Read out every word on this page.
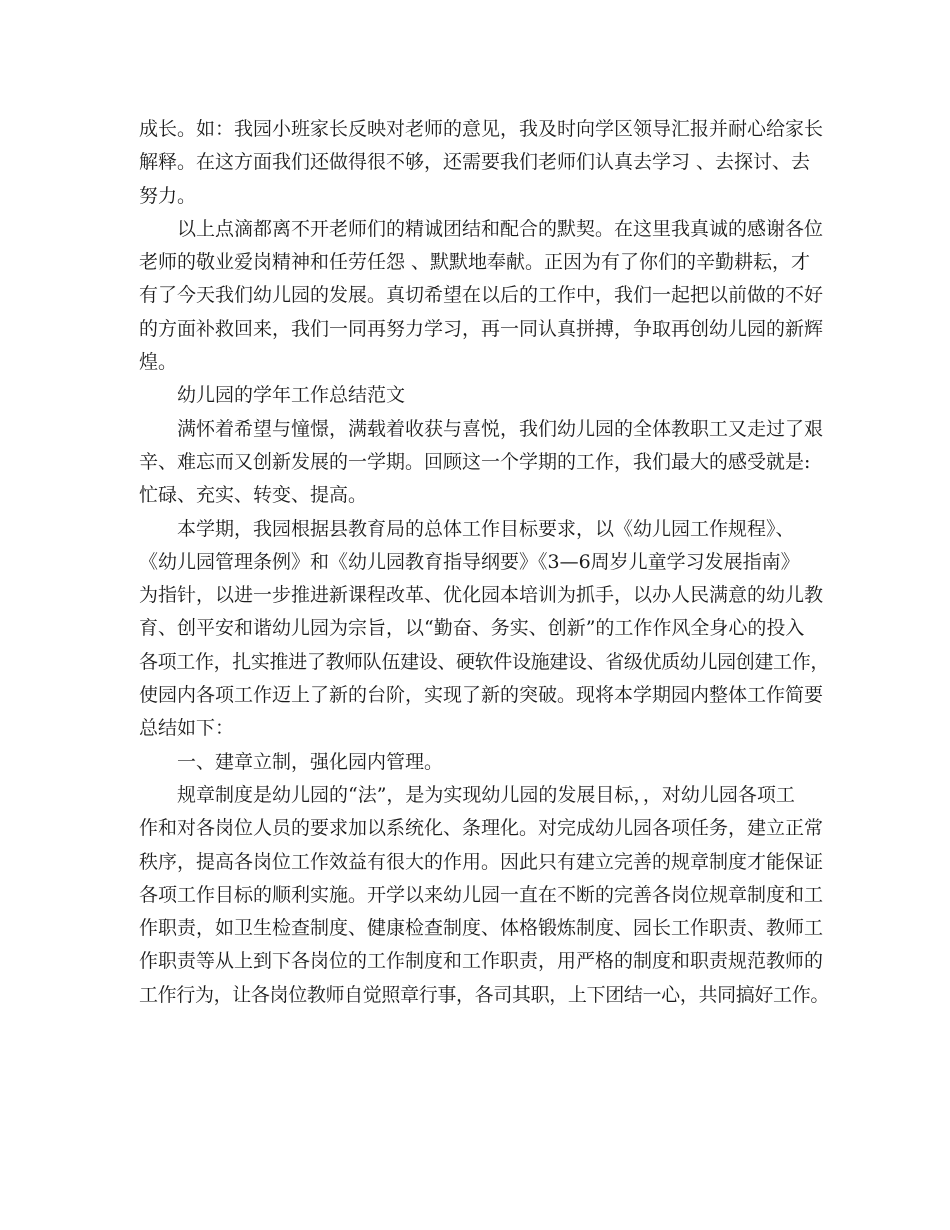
成长。如：我园小班家长反映对老师的意见，我及时向学区领导汇报并耐心给家长
解释。在这方面我们还做得很不够，还需要我们老师们认真去学习 、去探讨、去
努力。
以上点滴都离不开老师们的精诚团结和配合的默契。在这里我真诚的感谢各位
老师的敬业爱岗精神和任劳任怨 、默默地奉献。正因为有了你们的辛勤耕耘，才
有了今天我们幼儿园的发展。真切希望在以后的工作中，我们一起把以前做的不好
的方面补救回来，我们一同再努力学习，再一同认真拼搏，争取再创幼儿园的新辉
煌。
幼儿园的学年工作总结范文
满怀着希望与憧憬，满载着收获与喜悦，我们幼儿园的全体教职工又走过了艰
辛、难忘而又创新发展的一学期。回顾这一个学期的工作，我们最大的感受就是:
忙碌、充实、转变、提高。
本学期，我园根据县教育局的总体工作目标要求，以《幼儿园工作规程》、
《幼儿园管理条例》和《幼儿园教育指导纲要》《3—6周岁儿童学习发展指南》
为指针，以进一步推进新课程改革、优化园本培训为抓手，以办人民满意的幼儿教
育、创平安和谐幼儿园为宗旨，以“勤奋、务实、创新”的工作作风全身心的投入
各项工作，扎实推进了教师队伍建设、硬软件设施建设、省级优质幼儿园创建工作，
使园内各项工作迈上了新的台阶，实现了新的突破。现将本学期园内整体工作简要
总结如下：
一、建章立制，强化园内管理。
规章制度是幼儿园的“法”，是为实现幼儿园的发展目标，，对幼儿园各项工
作和对各岗位人员的要求加以系统化、条理化。对完成幼儿园各项任务，建立正常
秩序，提高各岗位工作效益有很大的作用。因此只有建立完善的规章制度才能保证
各项工作目标的顺利实施。开学以来幼儿园一直在不断的完善各岗位规章制度和工
作职责，如卫生检查制度、健康检查制度、体格锻炼制度、园长工作职责、教师工
作职责等从上到下各岗位的工作制度和工作职责，用严格的制度和职责规范教师的
工作行为，让各岗位教师自觉照章行事，各司其职，上下团结一心，共同搞好工作。
